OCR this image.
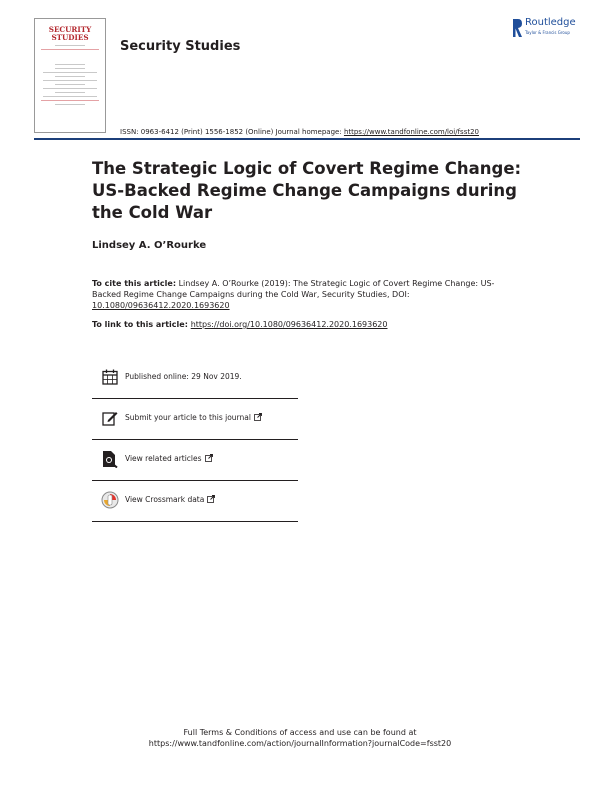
SECURITY
STUDIES
Security Studies
Routledge
Taylor & Francis Group
ISSN: 0963-6412 (Print) 1556-1852 (Online) Journal homepage: https://www.tandfonline.com/loi/fsst20
The Strategic Logic of Covert Regime Change: US-Backed Regime Change Campaigns during the Cold War
Lindsey A. O’Rourke
To cite this article: Lindsey A. O’Rourke (2019): The Strategic Logic of Covert Regime Change: US-Backed Regime Change Campaigns during the Cold War, Security Studies, DOI: 10.1080/09636412.2020.1693620
To link to this article: https://doi.org/10.1080/09636412.2020.1693620
Published online: 29 Nov 2019.
Submit your article to this journal
View related articles
View Crossmark data
Full Terms & Conditions of access and use can be found at
https://www.tandfonline.com/action/journalInformation?journalCode=fsst20
